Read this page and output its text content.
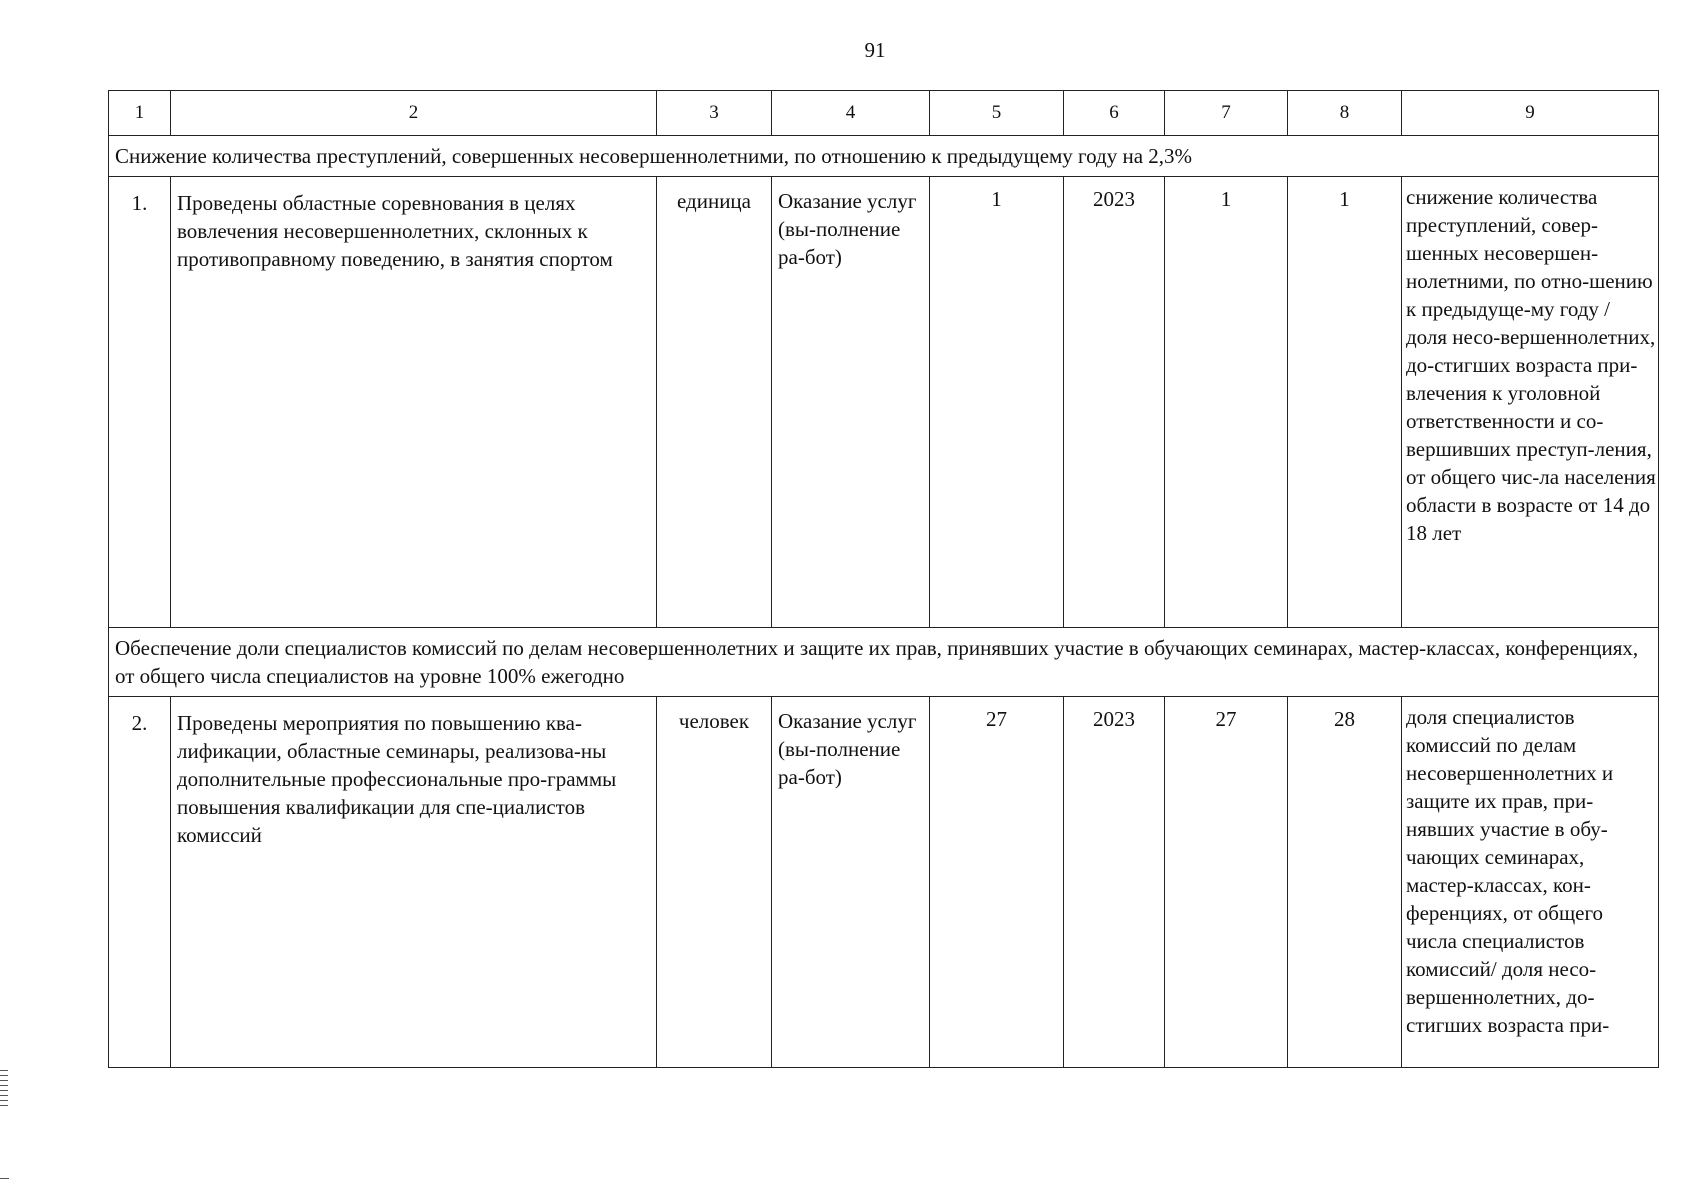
91
1	2	3	4	5	6	7	8	9
Снижение количества преступлений, совершенных несовершеннолетними, по отношению к предыдущему году на 2,3%								
1.	Проведены областные соревнования в целях вовлечения несовершеннолетних, склонных к противоправному поведению, в занятия спортом	единица	Оказание услуг (вы-полнение ра-бот)	1	2023	1	1	снижение количества преступлений, совер-шенных несовершен-нолетними, по отно-шению к предыдуще-му году / доля несо-вершеннолетних, до-стигших возраста при-влечения к уголовной ответственности и со-вершивших преступ-ления, от общего чис-ла населения области в возрасте от 14 до 18 лет
Обеспечение доли специалистов комиссий по делам несовершеннолетних и защите их прав, принявших участие в обучающих семинарах, мастер-классах, конференциях, от общего числа специалистов на уровне 100% ежегодно								
2.	Проведены мероприятия по повышению ква-лификации, областные семинары, реализова-ны дополнительные профессиональные про-граммы повышения квалификации для спе-циалистов комиссий	человек	Оказание услуг (вы-полнение ра-бот)	27	2023	27	28	доля специалистов комиссий по делам несовершеннолетних и защите их прав, при-нявших участие в обу-чающих семинарах, мастер-классах, кон-ференциях, от общего числа специалистов комиссий/ доля несо-вершеннолетних, до-стигших возраста при-
